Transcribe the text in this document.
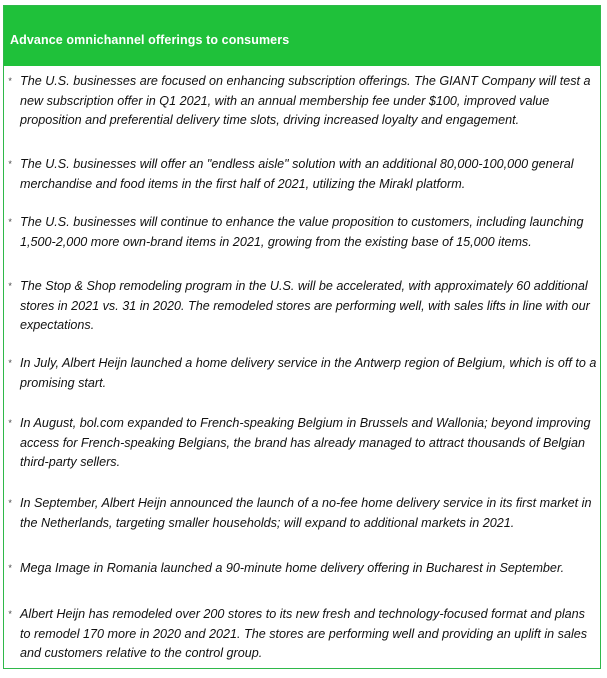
Advance omnichannel offerings to consumers
* The U.S. businesses are focused on enhancing subscription offerings. The GIANT Company will test a new subscription offer in Q1 2021, with an annual membership fee under $100, improved value proposition and preferential delivery time slots, driving increased loyalty and engagement.
* The U.S. businesses will offer an "endless aisle" solution with an additional 80,000-100,000 general merchandise and food items in the first half of 2021, utilizing the Mirakl platform.
* The U.S. businesses will continue to enhance the value proposition to customers, including launching 1,500-2,000 more own-brand items in 2021, growing from the existing base of 15,000 items.
* The Stop & Shop remodeling program in the U.S. will be accelerated, with approximately 60 additional stores in 2021 vs. 31 in 2020. The remodeled stores are performing well, with sales lifts in line with our expectations.
* In July, Albert Heijn launched a home delivery service in the Antwerp region of Belgium, which is off to a promising start.
* In August, bol.com expanded to French-speaking Belgium in Brussels and Wallonia; beyond improving access for French-speaking Belgians, the brand has already managed to attract thousands of Belgian third-party sellers.
* In September, Albert Heijn announced the launch of a no-fee home delivery service in its first market in the Netherlands, targeting smaller households; will expand to additional markets in 2021.
* Mega Image in Romania launched a 90-minute home delivery offering in Bucharest in September.
* Albert Heijn has remodeled over 200 stores to its new fresh and technology-focused format and plans to remodel 170 more in 2020 and 2021. The stores are performing well and providing an uplift in sales and customers relative to the control group.
